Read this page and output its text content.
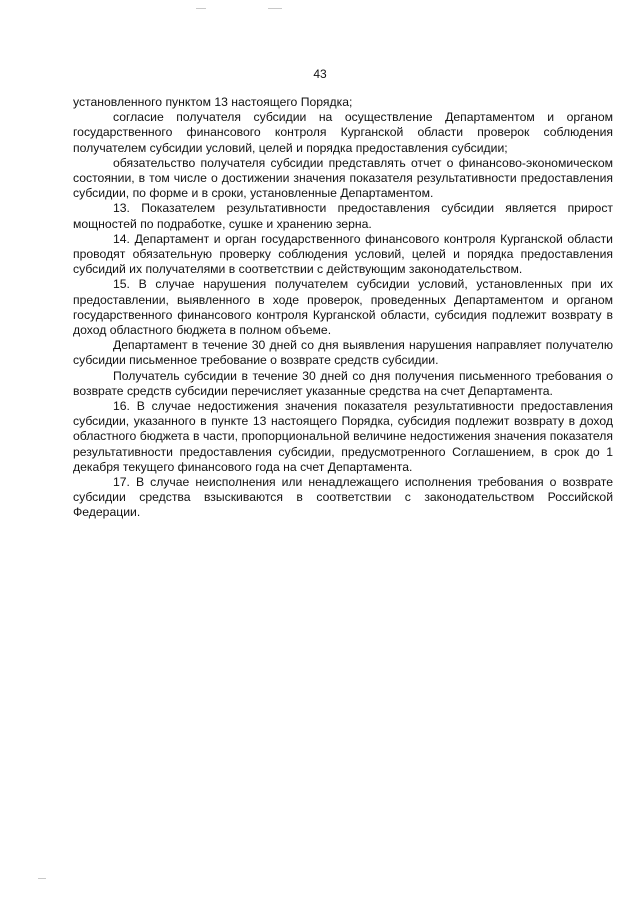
43

установленного пунктом 13 настоящего Порядка;

согласие получателя субсидии на осуществление Департаментом и органом государственного финансового контроля Курганской области проверок соблюдения получателем субсидии условий, целей и порядка предоставления субсидии;

обязательство получателя субсидии представлять отчет о финансово-экономическом состоянии, в том числе о достижении значения показателя результативности предоставления субсидии, по форме и в сроки, установленные Департаментом.

13. Показателем результативности предоставления субсидии является прирост мощностей по подработке, сушке и хранению зерна.

14. Департамент и орган государственного финансового контроля Курганской области проводят обязательную проверку соблюдения условий, целей и порядка предоставления субсидий их получателями в соответствии с действующим законодательством.

15. В случае нарушения получателем субсидии условий, установленных при их предоставлении, выявленного в ходе проверок, проведенных Департаментом и органом государственного финансового контроля Курганской области, субсидия подлежит возврату в доход областного бюджета в полном объеме.

Департамент в течение 30 дней со дня выявления нарушения направляет получателю субсидии письменное требование о возврате средств субсидии.

Получатель субсидии в течение 30 дней со дня получения письменного требования о возврате средств субсидии перечисляет указанные средства на счет Департамента.

16. В случае недостижения значения показателя результативности предоставления субсидии, указанного в пункте 13 настоящего Порядка, субсидия подлежит возврату в доход областного бюджета в части, пропорциональной величине недостижения значения показателя результативности предоставления субсидии, предусмотренного Соглашением, в срок до 1 декабря текущего финансового года на счет Департамента.

17. В случае неисполнения или ненадлежащего исполнения требования о возврате субсидии средства взыскиваются в соответствии с законодательством Российской Федерации.
